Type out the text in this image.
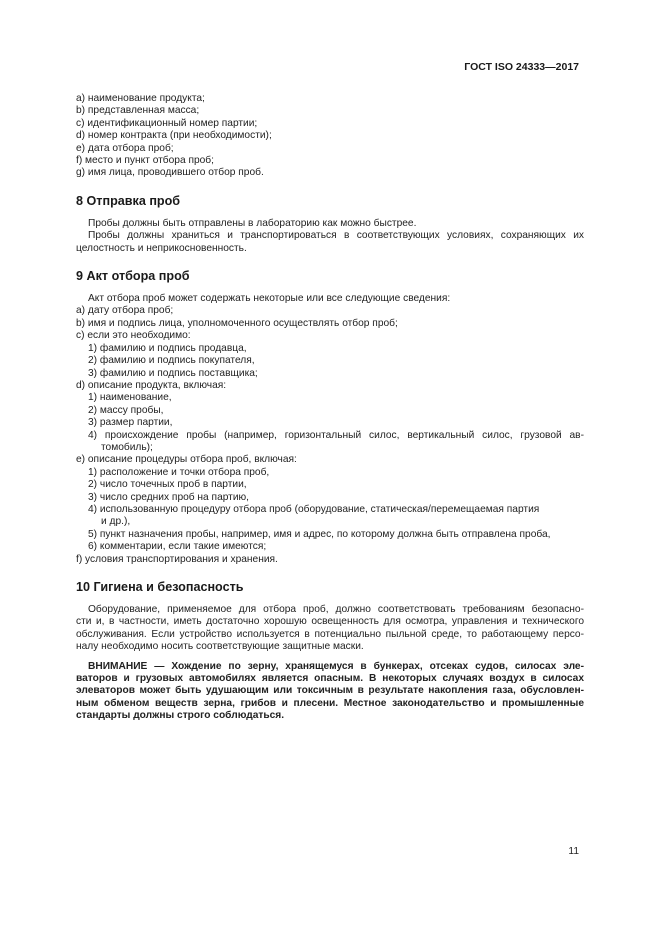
ГОСТ ISO 24333—2017
a) наименование продукта;
b) представленная масса;
c) идентификационный номер партии;
d) номер контракта (при необходимости);
e) дата отбора проб;
f) место и пункт отбора проб;
g) имя лица, проводившего отбор проб.
8 Отправка проб
Пробы должны быть отправлены в лабораторию как можно быстрее.
Пробы должны храниться и транспортироваться в соответствующих условиях, сохраняющих их
целостность и неприкосновенность.
9 Акт отбора проб
Акт отбора проб может содержать некоторые или все следующие сведения:
a) дату отбора проб;
b) имя и подпись лица, уполномоченного осуществлять отбор проб;
c) если это необходимо:
1) фамилию и подпись продавца,
2) фамилию и подпись покупателя,
3) фамилию и подпись поставщика;
d) описание продукта, включая:
1) наименование,
2) массу пробы,
3) размер партии,
4) происхождение пробы (например, горизонтальный силос, вертикальный силос, грузовой ав-
томобиль);
e) описание процедуры отбора проб, включая:
1) расположение и точки отбора проб,
2) число точечных проб в партии,
3) число средних проб на партию,
4) использованную процедуру отбора проб (оборудование, статическая/перемещаемая партия
и др.),
5) пункт назначения пробы, например, имя и адрес, по которому должна быть отправлена проба,
6) комментарии, если такие имеются;
f) условия транспортирования и хранения.
10 Гигиена и безопасность
Оборудование, применяемое для отбора проб, должно соответствовать требованиям безопасно-
сти и, в частности, иметь достаточно хорошую освещенность для осмотра, управления и технического
обслуживания. Если устройство используется в потенциально пыльной среде, то работающему персо-
налу необходимо носить соответствующие защитные маски.
ВНИМАНИЕ — Хождение по зерну, хранящемуся в бункерах, отсеках судов, силосах эле-
ваторов и грузовых автомобилях является опасным. В некоторых случаях воздух в силосах
элеваторов может быть удушающим или токсичным в результате накопления газа, обусловлен-
ным обменом веществ зерна, грибов и плесени. Местное законодательство и промышленные
стандарты должны строго соблюдаться.
11
